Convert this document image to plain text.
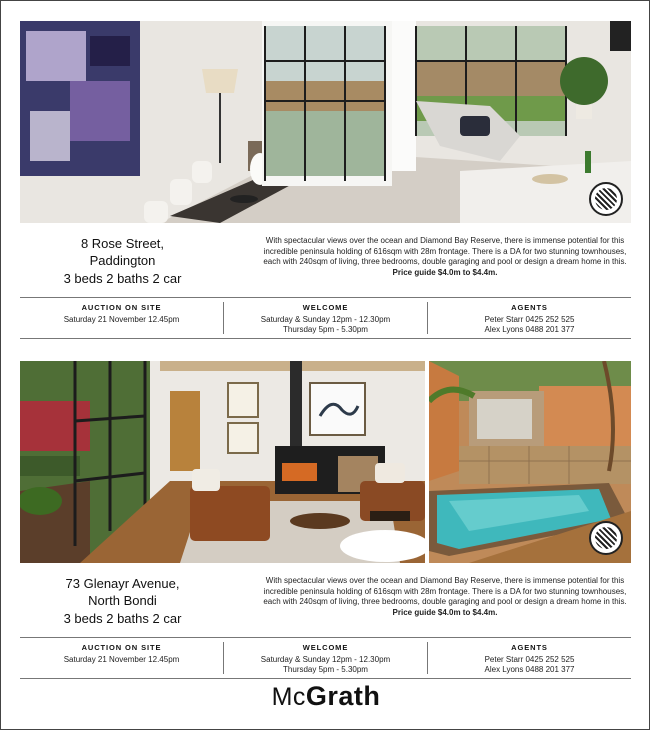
8 Rose Street,
Paddington
3 beds 2 baths 2 car
With spectacular views over the ocean and Diamond Bay Reserve, there is immense potential for this incredible peninsula holding of 616sqm with 28m frontage. There is a DA for two stunning townhouses, each with 240sqm of living, three bedrooms, double garaging and pool or design a dream home in this.
Price guide $4.0m to $4.4m.
AUCTION ON SITE
Saturday 21 November 12.45pm
WELCOME
Saturday & Sunday 12pm - 12.30pm
Thursday 5pm - 5.30pm
AGENTS
Peter Starr 0425 252 525
Alex Lyons 0488 201 377
73 Glenayr Avenue,
North Bondi
3 beds 2 baths 2 car
With spectacular views over the ocean and Diamond Bay Reserve, there is immense potential for this incredible peninsula holding of 616sqm with 28m frontage. There is a DA for two stunning townhouses, each with 240sqm of living, three bedrooms, double garaging and pool or design a dream home in this.
Price guide $4.0m to $4.4m.
AUCTION ON SITE
Saturday 21 November 12.45pm
WELCOME
Saturday & Sunday 12pm - 12.30pm
Thursday 5pm - 5.30pm
AGENTS
Peter Starr 0425 252 525
Alex Lyons 0488 201 377
McGrath
